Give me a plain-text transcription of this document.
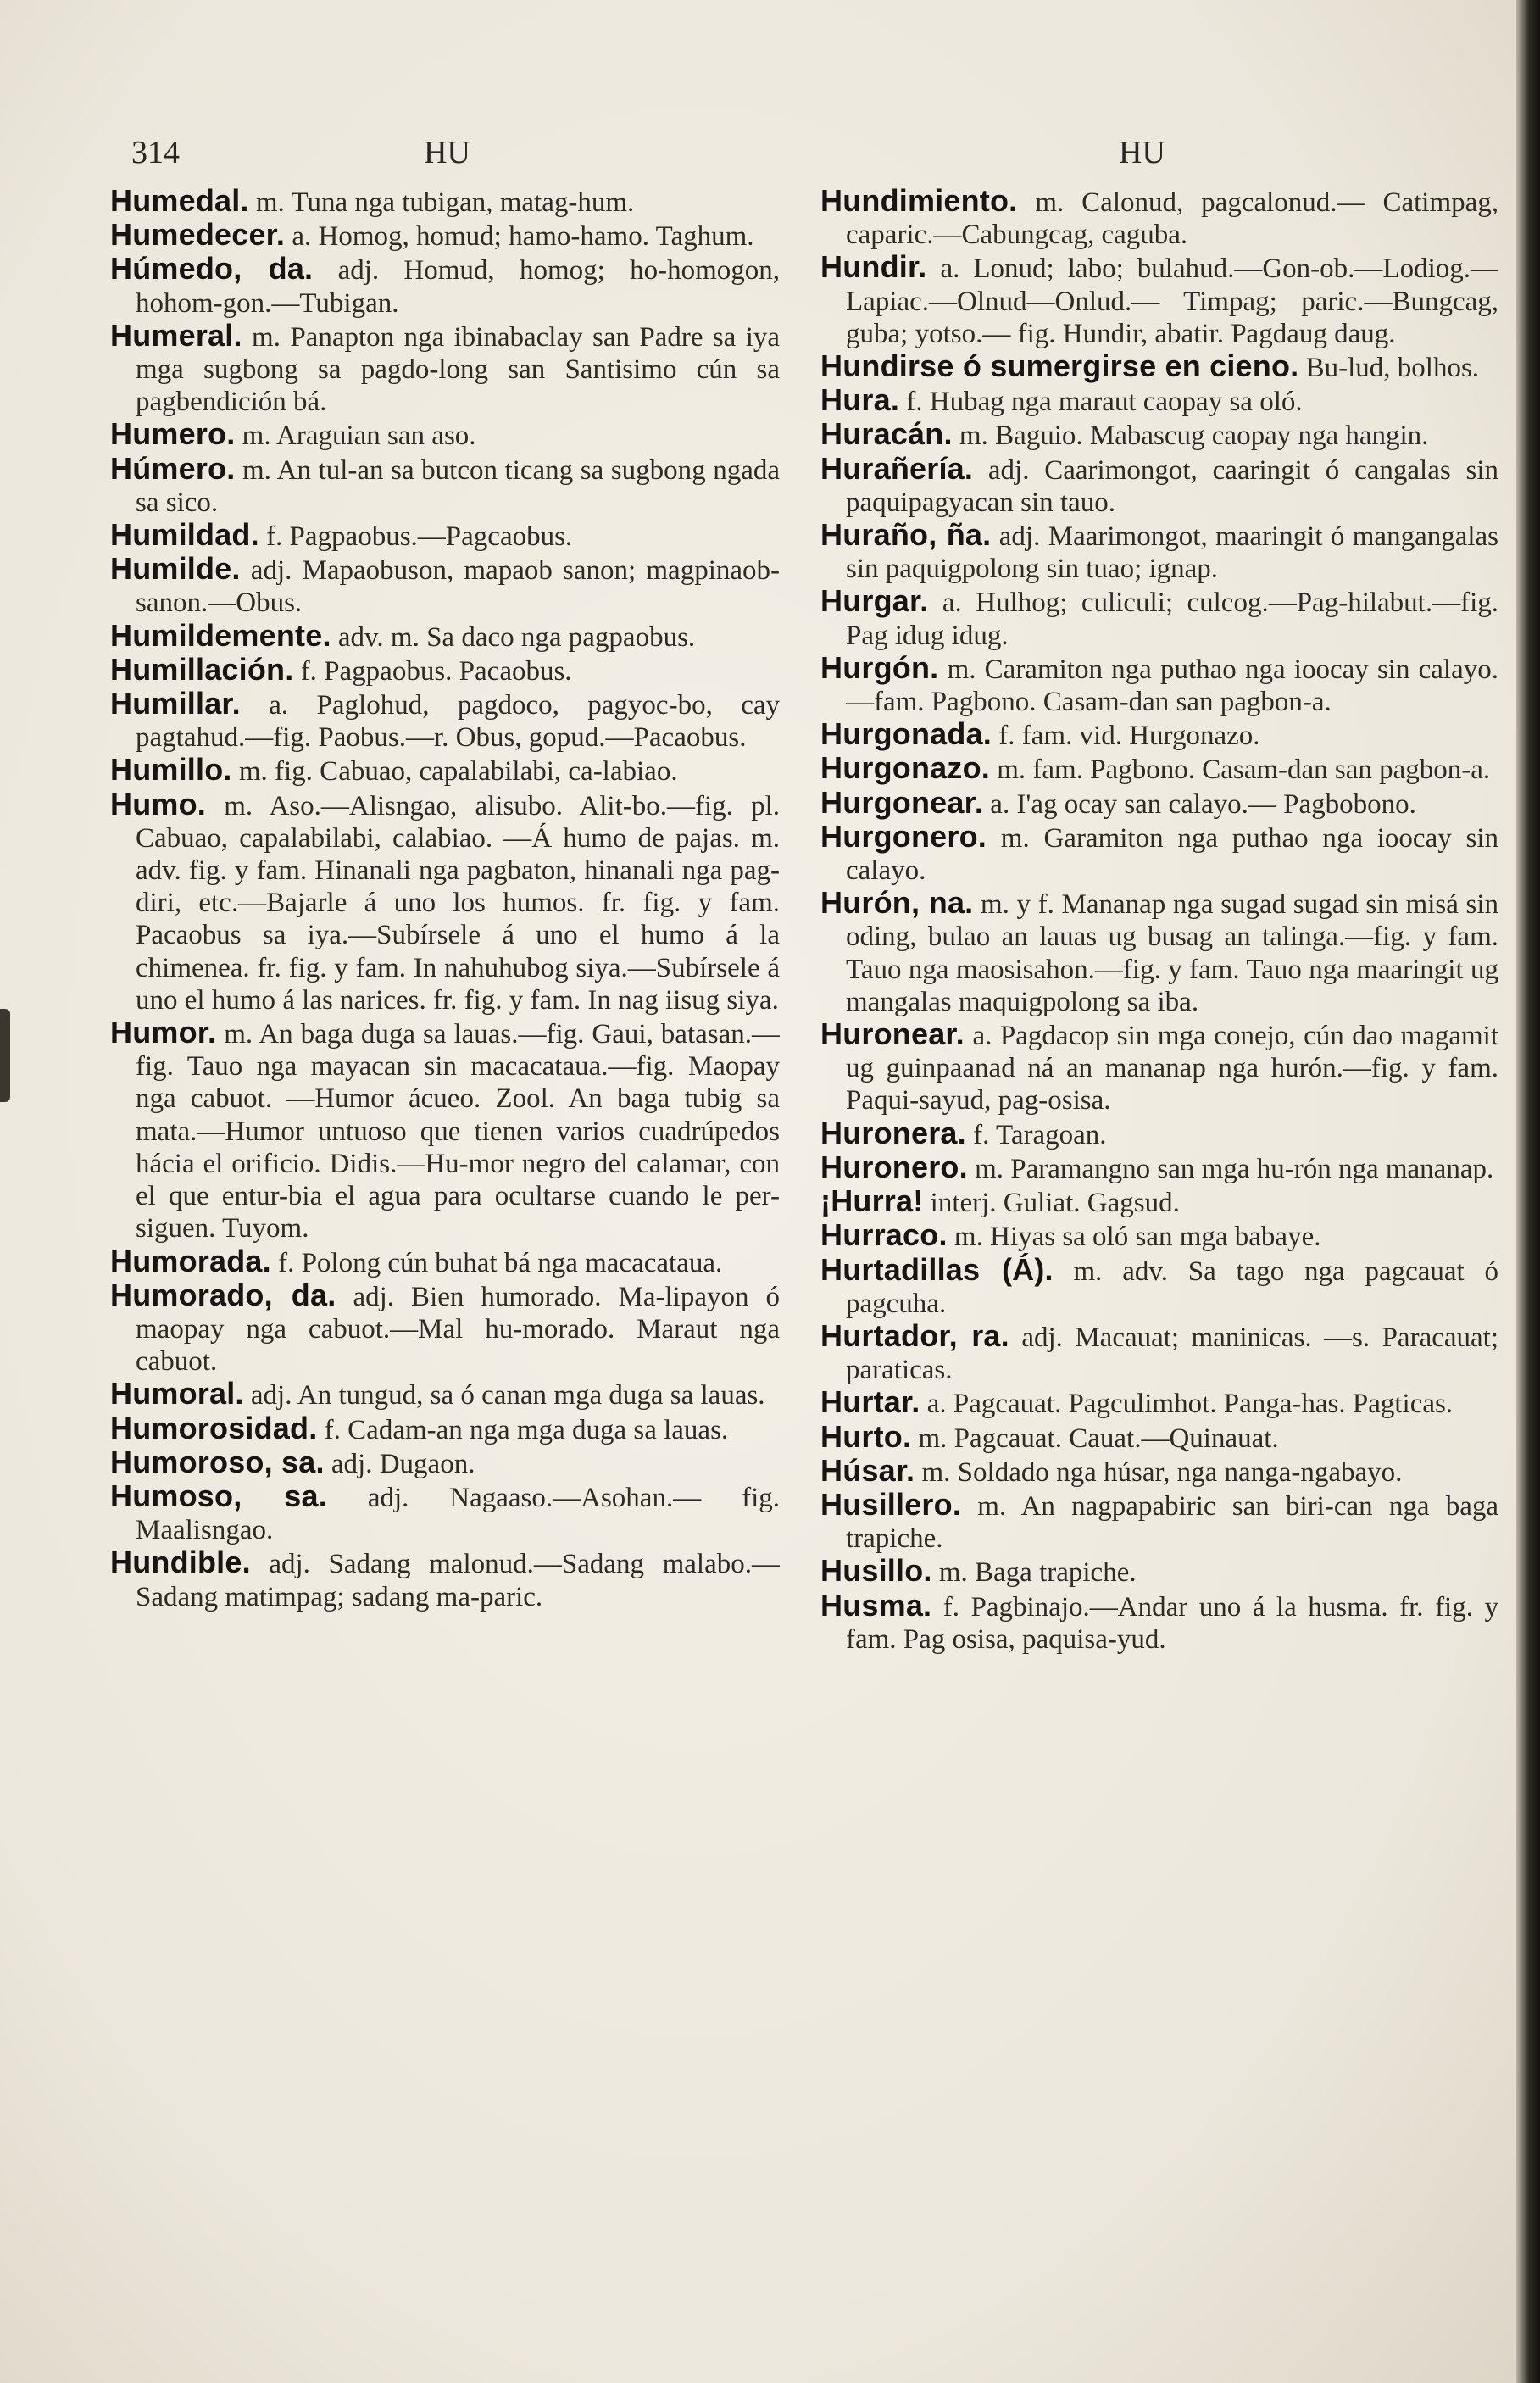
314	HU	HU

Humedal. m. Tuna nga tubigan, matag-hum.

Humedecer. a. Homog, homud; hamo-hamo. Taghum.

Húmedo, da. adj. Homud, homog; ho-homogon, hohom-gon.—Tubigan.

Humeral. m. Panapton nga ibinabaclay san Padre sa iya mga sugbong sa pagdo-long san Santisimo cún sa pagbendición bá.

Humero. m. Araguian san aso.

Húmero. m. An tul-an sa butcon ticang sa sugbong ngada sa sico.

Humildad. f. Pagpaobus.—Pagcaobus.

Humilde. adj. Mapaobuson, mapaob sanon; magpinaob-sanon.—Obus.

Humildemente. adv. m. Sa daco nga pagpaobus.

Humillación. f. Pagpaobus. Pacaobus.

Humillar. a. Paglohud, pagdoco, pagyoc-bo, cay pagtahud.—fig. Paobus.—r. Obus, gopud.—Pacaobus.

Humillo. m. fig. Cabuao, capalabilabi, ca-labiao.

Humo. m. Aso.—Alisngao, alisubo. Alit-bo.—fig. pl. Cabuao, capalabilabi, calabiao. —Á humo de pajas. m. adv. fig. y fam. Hinanali nga pagbaton, hinanali nga pag-diri, etc.—Bajarle á uno los humos. fr. fig. y fam. Pacaobus sa iya.—Subírsele á uno el humo á la chimenea. fr. fig. y fam. In nahuhubog siya.—Subírsele á uno el humo á las narices. fr. fig. y fam. In nag iisug siya.

Humor. m. An baga duga sa lauas.—fig. Gaui, batasan.—fig. Tauo nga mayacan sin macacataua.—fig. Maopay nga cabuot. —Humor ácueo. Zool. An baga tubig sa mata.—Humor untuoso que tienen varios cuadrúpedos hácia el orificio. Didis.—Hu-mor negro del calamar, con el que entur-bia el agua para ocultarse cuando le per-siguen. Tuyom.

Humorada. f. Polong cún buhat bá nga macacataua.

Humorado, da. adj. Bien humorado. Ma-lipayon ó maopay nga cabuot.—Mal hu-morado. Maraut nga cabuot.

Humoral. adj. An tungud, sa ó canan mga duga sa lauas.

Humorosidad. f. Cadam-an nga mga duga sa lauas.

Humoroso, sa. adj. Dugaon.

Humoso, sa. adj. Nagaaso.—Asohan.— fig. Maalisngao.

Hundible. adj. Sadang malonud.—Sadang malabo.—Sadang matimpag; sadang ma-paric.

Hundimiento. m. Calonud, pagcalonud.— Catimpag, caparic.—Cabungcag, caguba.

Hundir. a. Lonud; labo; bulahud.—Gon-ob.—Lodiog.—Lapiac.—Olnud—Onlud.— Timpag; paric.—Bungcag, guba; yotso.— fig. Hundir, abatir. Pagdaug daug.

Hundirse ó sumergirse en cieno. Bu-lud, bolhos.

Hura. f. Hubag nga maraut caopay sa oló.

Huracán. m. Baguio. Mabascug caopay nga hangin.

Hurañería. adj. Caarimongot, caaringit ó cangalas sin paquipagyacan sin tauo.

Huraño, ña. adj. Maarimongot, maaringit ó mangangalas sin paquigpolong sin tuao; ignap.

Hurgar. a. Hulhog; culiculi; culcog.—Pag-hilabut.—fig. Pag idug idug.

Hurgón. m. Caramiton nga puthao nga ioocay sin calayo.—fam. Pagbono. Casam-dan san pagbon-a.

Hurgonada. f. fam. vid. Hurgonazo.

Hurgonazo. m. fam. Pagbono. Casam-dan san pagbon-a.

Hurgonear. a. I'ag ocay san calayo.— Pagbobono.

Hurgonero. m. Garamiton nga puthao nga ioocay sin calayo.

Hurón, na. m. y f. Mananap nga sugad sugad sin misá sin oding, bulao an lauas ug busag an talinga.—fig. y fam. Tauo nga maosisahon.—fig. y fam. Tauo nga maaringit ug mangalas maquigpolong sa iba.

Huronear. a. Pagdacop sin mga conejo, cún dao magamit ug guinpaanad ná an mananap nga hurón.—fig. y fam. Paqui-sayud, pag-osisa.

Huronera. f. Taragoan.

Huronero. m. Paramangno san mga hu-rón nga mananap.

¡Hurra! interj. Guliat. Gagsud.

Hurraco. m. Hiyas sa oló san mga babaye.

Hurtadillas (Á). m. adv. Sa tago nga pagcauat ó pagcuha.

Hurtador, ra. adj. Macauat; maninicas. —s. Paracauat; paraticas.

Hurtar. a. Pagcauat. Pagculimhot. Panga-has. Pagticas.

Hurto. m. Pagcauat. Cauat.—Quinauat.

Húsar. m. Soldado nga húsar, nga nanga-ngabayo.

Husillero. m. An nagpapabiric san biri-can nga baga trapiche.

Husillo. m. Baga trapiche.

Husma. f. Pagbinajo.—Andar uno á la husma. fr. fig. y fam. Pag osisa, paquisa-yud.
